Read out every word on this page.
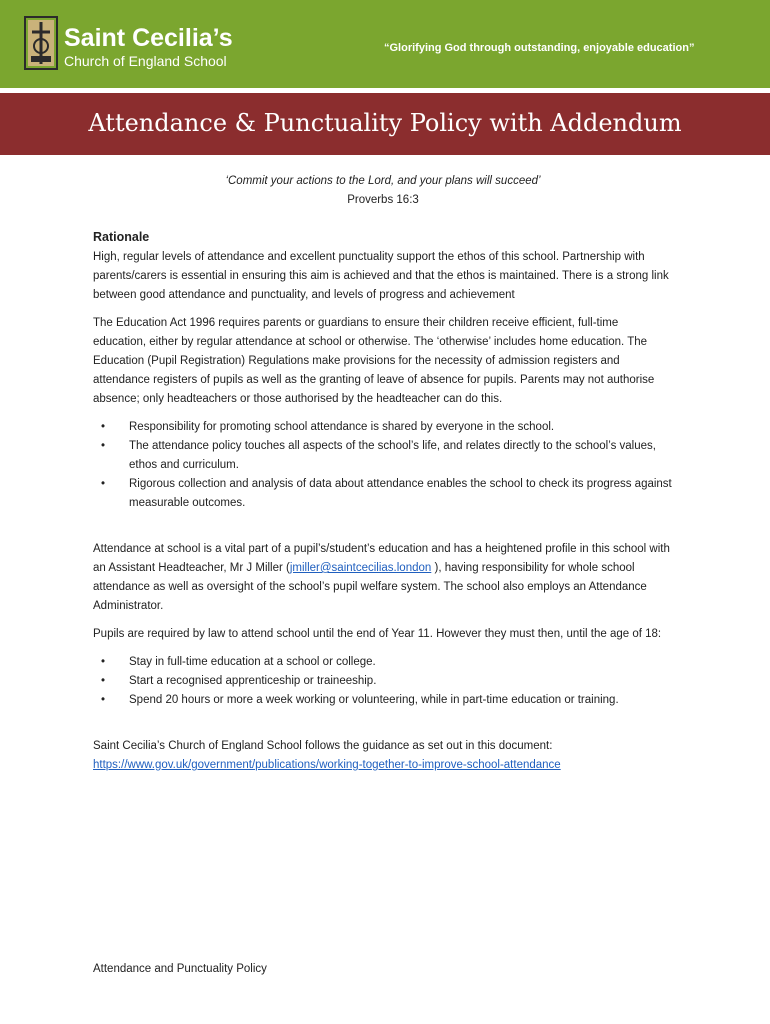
Saint Cecilia’s
Church of England School
“Glorifying God through outstanding, enjoyable education”
Attendance & Punctuality Policy with Addendum
‘Commit your actions to the Lord, and your plans will succeed’
Proverbs 16:3
Rationale

High, regular levels of attendance and excellent punctuality support the ethos of this school. Partnership with parents/carers is essential in ensuring this aim is achieved and that the ethos is maintained. There is a strong link between good attendance and punctuality, and levels of progress and achievement

The Education Act 1996 requires parents or guardians to ensure their children receive efficient, full-time education, either by regular attendance at school or otherwise. The ‘otherwise’ includes home education. The Education (Pupil Registration) Regulations make provisions for the necessity of admission registers and attendance registers of pupils as well as the granting of leave of absence for pupils. Parents may not authorise absence; only headteachers or those authorised by the headteacher can do this.

• Responsibility for promoting school attendance is shared by everyone in the school.
• The attendance policy touches all aspects of the school’s life, and relates directly to the school’s values, ethos and curriculum.
• Rigorous collection and analysis of data about attendance enables the school to check its progress against measurable outcomes.

Attendance at school is a vital part of a pupil’s/student’s education and has a heightened profile in this school with an Assistant Headteacher, Mr J Miller (jmiller@saintcecilias.london ), having responsibility for whole school attendance as well as oversight of the school’s pupil welfare system. The school also employs an Attendance Administrator.

Pupils are required by law to attend school until the end of Year 11. However they must then, until the age of 18:

• Stay in full-time education at a school or college.
• Start a recognised apprenticeship or traineeship.
• Spend 20 hours or more a week working or volunteering, while in part-time education or training.

Saint Cecilia’s Church of England School follows the guidance as set out in this document:
https://www.gov.uk/government/publications/working-together-to-improve-school-attendance

Attendance and Punctuality Policy
